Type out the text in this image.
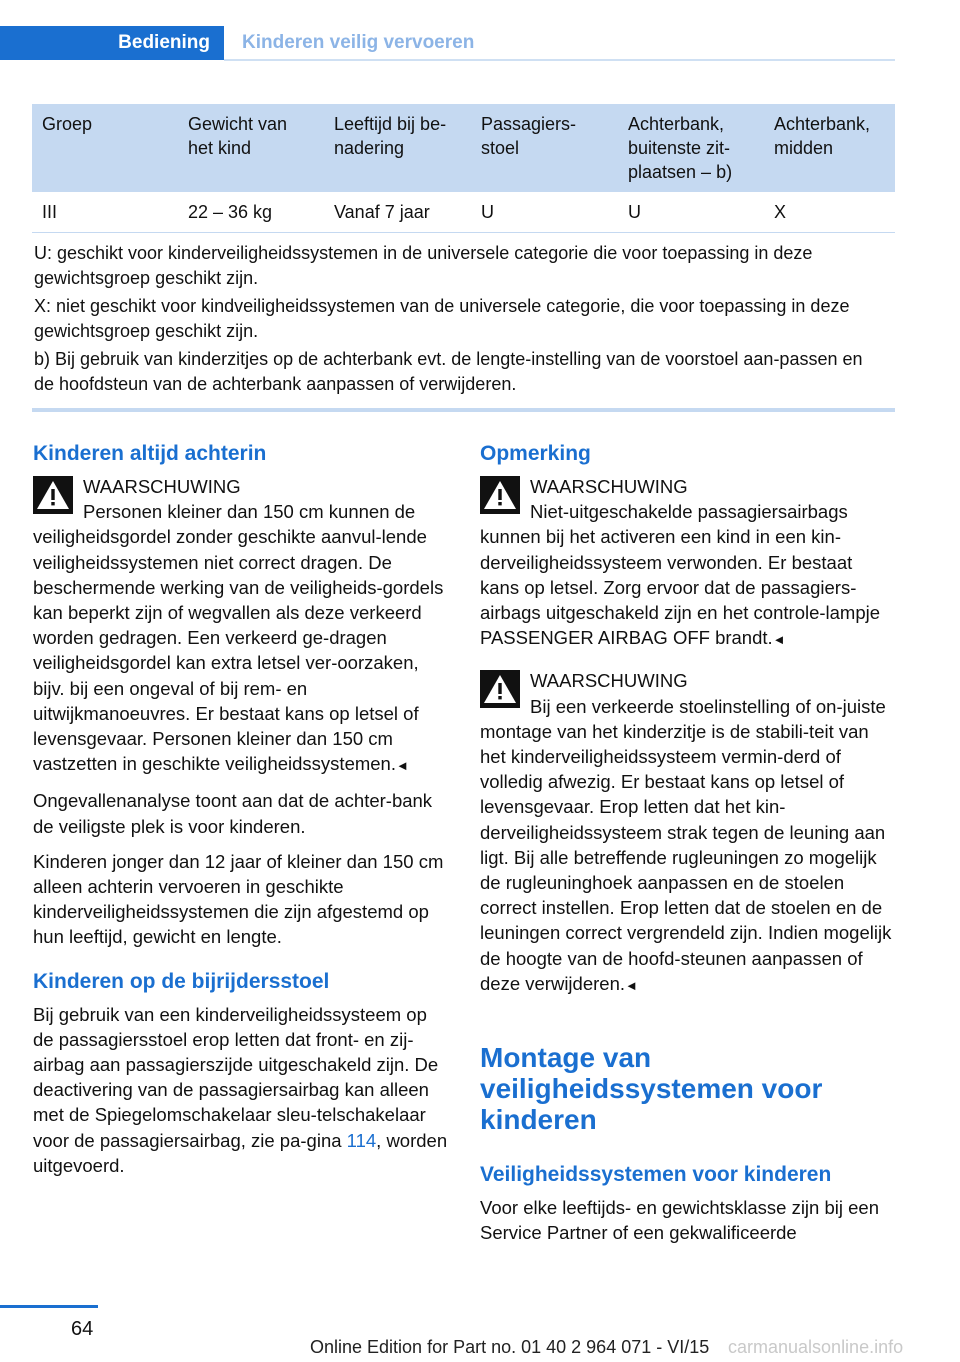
Bediening	Kinderen veilig vervoeren
Groep	Gewicht van het kind	Leeftijd bij be-nadering	Passagiers-stoel	Achterbank, buitenste zit-plaatsen – b)	Achterbank, midden
III	22 – 36 kg	Vanaf 7 jaar	U	U	X

U: geschikt voor kinderveiligheidssystemen in de universele categorie die voor toepassing in deze gewichtsgroep geschikt zijn.

X: niet geschikt voor kindveiligheidssystemen van de universele categorie, die voor toepassing in deze gewichtsgroep geschikt zijn.

b) Bij gebruik van kinderzitjes op de achterbank evt. de lengte-instelling van de voorstoel aan-passen en de hoofdsteun van de achterbank aanpassen of verwijderen.					

Kinderen altijd achterin
WAARSCHUWING

Personen kleiner dan 150 cm kunnen de veiligheidsgordel zonder geschikte aanvul-lende veiligheidssystemen niet correct dragen. De beschermende werking van de veiligheids-gordels kan beperkt zijn of wegvallen als deze verkeerd worden gedragen. Een verkeerd ge-dragen veiligheidsgordel kan extra letsel ver-oorzaken, bijv. bij een ongeval of bij rem- en uitwijkmanoeuvres. Er bestaat kans op letsel of levensgevaar. Personen kleiner dan 150 cm vastzetten in geschikte veiligheidssystemen.◄

Ongevallenanalyse toont aan dat de achter-bank de veiligste plek is voor kinderen.

Kinderen jonger dan 12 jaar of kleiner dan 150 cm alleen achterin vervoeren in geschikte kinderveiligheidssystemen die zijn afgestemd op hun leeftijd, gewicht en lengte.

Kinderen op de bijrijdersstoel

Bij gebruik van een kinderveiligheidssysteem op de passagiersstoel erop letten dat front- en zij-airbag aan passagierszijde uitgeschakeld zijn. De deactivering van de passagiersairbag kan alleen met de Spiegelomschakelaar sleu-telschakelaar voor de passagiersairbag, zie pa-gina 114, worden uitgevoerd.

Opmerking
WAARSCHUWING

Niet-uitgeschakelde passagiersairbags kunnen bij het activeren een kind in een kin-derveiligheidssysteem verwonden. Er bestaat kans op letsel. Zorg ervoor dat de passagiers-airbags uitgeschakeld zijn en het controle-lampje PASSENGER AIRBAG OFF brandt.◄

WAARSCHUWING

Bij een verkeerde stoelinstelling of on-juiste montage van het kinderzitje is de stabili-teit van het kinderveiligheidssysteem vermin-derd of volledig afwezig. Er bestaat kans op letsel of levensgevaar. Erop letten dat het kin-derveiligheidssysteem strak tegen de leuning aan ligt. Bij alle betreffende rugleuningen zo mogelijk de rugleuninghoek aanpassen en de stoelen correct instellen. Erop letten dat de stoelen en de leuningen correct vergrendeld zijn. Indien mogelijk de hoogte van de hoofd-steunen aanpassen of deze verwijderen.◄

Montage van veiligheidssystemen voor kinderen
Veiligheidssystemen voor kinderen

Voor elke leeftijds- en gewichtsklasse zijn bij een Service Partner of een gekwalificeerde

64
Online Edition for Part no. 01 40 2 964 071 - VI/15 carmanualsonline.info
